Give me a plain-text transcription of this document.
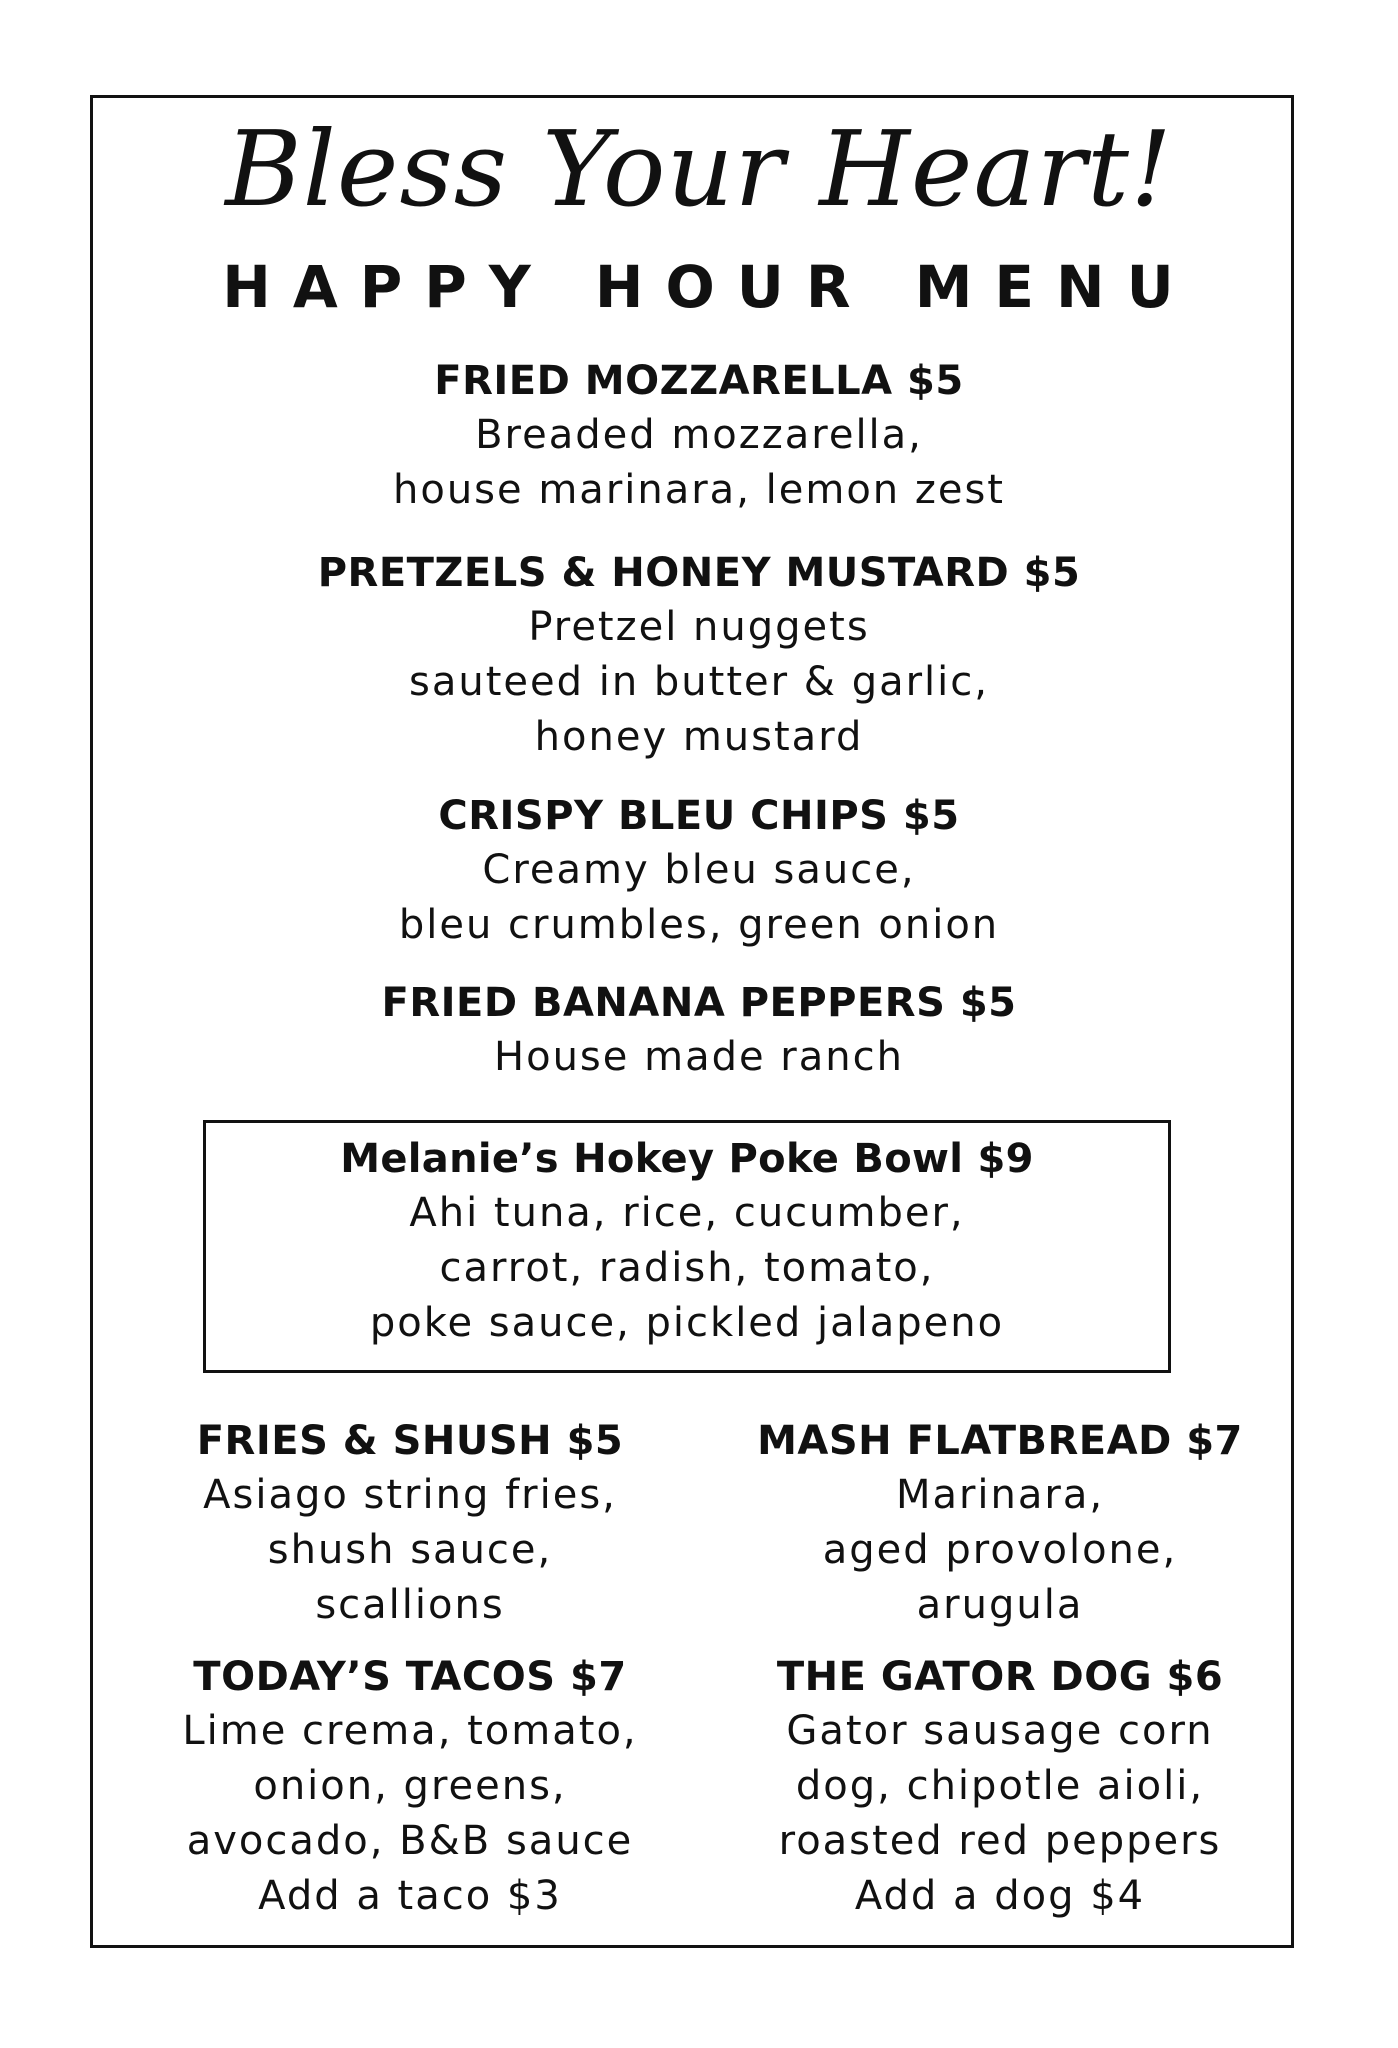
Bless Your Heart!
HAPPY HOUR MENU
FRIED MOZZARELLA $5
Breaded mozzarella,
house marinara, lemon zest
PRETZELS & HONEY MUSTARD $5
Pretzel nuggets
sauteed in butter & garlic,
honey mustard
CRISPY BLEU CHIPS $5
Creamy bleu sauce,
bleu crumbles, green onion
FRIED BANANA PEPPERS $5
House made ranch
Melanie’s Hokey Poke Bowl $9
Ahi tuna, rice, cucumber,
carrot, radish, tomato,
poke sauce, pickled jalapeno
FRIES & SHUSH $5
Asiago string fries,
shush sauce,
scallions
MASH FLATBREAD $7
Marinara,
aged provolone,
arugula
TODAY’S TACOS $7
Lime crema, tomato,
onion, greens,
avocado, B&B sauce
Add a taco $3
THE GATOR DOG $6
Gator sausage corn
dog, chipotle aioli,
roasted red peppers
Add a dog $4
